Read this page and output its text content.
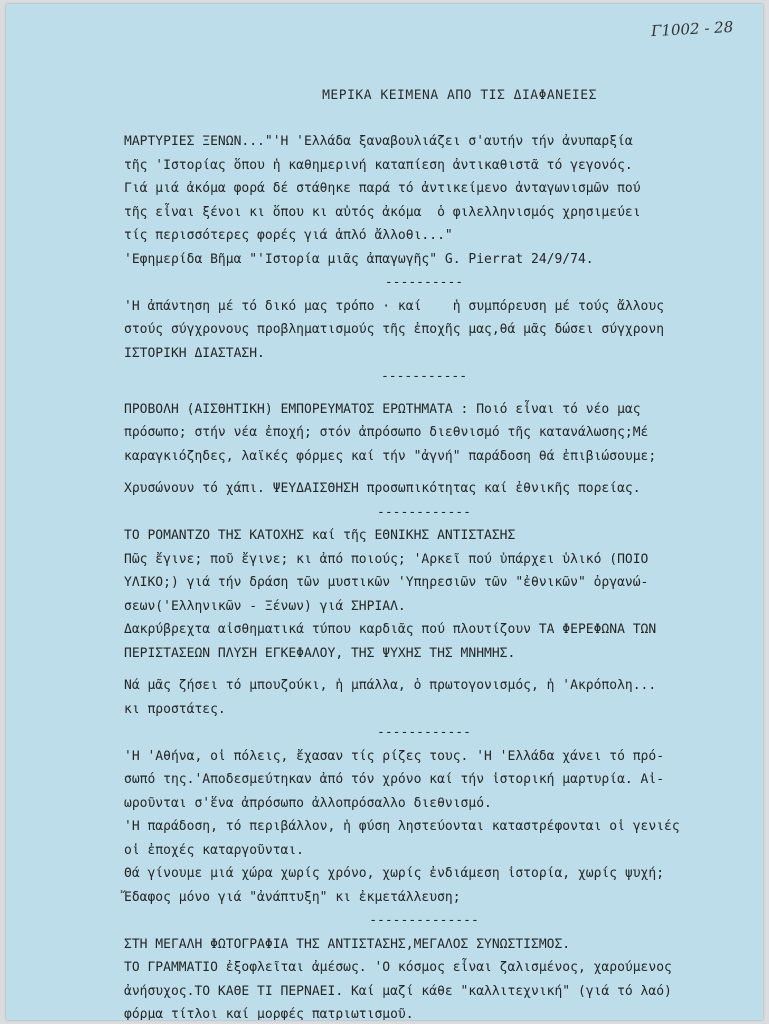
Γ1002 - 28
ΜΕΡΙΚΑ ΚΕΙΜΕΝΑ ΑΠΟ ΤΙΣ ΔΙΑΦΑΝΕΙΕΣ
ΜΑΡΤΥΡΙΕΣ ΞΕΝΩΝ..."'Η 'Ελλάδα ξαναβουλιάζει σ'αυτήν τήν ἀνυπαρξία
τῆς 'Ιστορίας ὅπου ἡ καθημερινή καταπίεση ἀντικαθιστᾶ τό γεγονός.
Γιά μιά ἀκόμα φορά δέ στάθηκε παρά τό ἀντικείμενο ἀνταγωνισμῶν πού
τῆς εἶναι ξένοι κι ὅπου κι αὐτός ἀκόμα  ὁ φιλελληνισμός χρησιμεύει
τίς περισσότερες φορές γιά ἁπλό ἄλλοθι..."
'Εφημερίδα Βῆμα "'Ιστορία μιᾶς ἀπαγωγῆς" G. Pierrat 24/9/74.
----------
'Η ἀπάντηση μέ τό δικό μας τρόπο · καί    ἡ συμπόρευση μέ τούς ἄλλους
στούς σύγχρονους προβληματισμούς τῆς ἐποχῆς μας,θά μᾶς δώσει σύγχρονη
ΙΣΤΟΡΙΚΗ ΔΙΑΣΤΑΣΗ.
-----------
ΠΡΟΒΟΛΗ (ΑΙΣΘΗΤΙΚΗ) ΕΜΠΟΡΕΥΜΑΤΟΣ ΕΡΩΤΗΜΑΤΑ : Ποιό εἶναι τό νέο μας
πρόσωπο; στήν νέα ἐποχή; στόν ἀπρόσωπο διεθνισμό τῆς κατανάλωσης;Μέ
καραγκιόζηδες, λαϊκές φόρμες καί τήν "ἀγνή" παράδοση θά ἐπιβιώσουμε;
Χρυσώνουν τό χάπι. ΨΕΥΔΑΙΣΘΗΣΗ προσωπικότητας καί ἐθνικῆς πορείας.
------------
ΤΟ ΡΟΜΑΝΤΖΟ ΤΗΣ ΚΑΤΟΧΗΣ καί τῆς ΕΘΝΙΚΗΣ ΑΝΤΙΣΤΑΣΗΣ
Πῶς ἔγινε; ποῦ ἔγινε; κι ἀπό ποιούς; 'Αρκεῖ πού ὑπάρχει ὑλικό (ΠΟΙΟ
ΥΛΙΚΟ;) γιά τήν δράση τῶν μυστικῶν 'Υπηρεσιῶν τῶν "ἐθνικῶν" ὀργανώ-
σεων('Ελληνικῶν - Ξένων) γιά ΣΗΡΙΑΛ.
Δακρύβρεχτα αἰσθηματικά τύπου καρδιᾶς πού πλουτίζουν ΤΑ ΦΕΡΕΦΩΝΑ ΤΩΝ
ΠΕΡΙΣΤΑΣΕΩΝ ΠΛΥΣΗ ΕΓΚΕΦΑΛΟΥ, ΤΗΣ ΨΥΧΗΣ ΤΗΣ ΜΝΗΜΗΣ.
Νά μᾶς ζήσει τό μπουζούκι, ἡ μπάλλα, ὁ πρωτογονισμός, ἡ 'Ακρόπολη...
κι προστάτες.
------------
'Η 'Αθήνα, οἱ πόλεις, ἔχασαν τίς ρίζες τους. 'Η 'Ελλάδα χάνει τό πρό-
σωπό της.'Αποδεσμεύτηκαν ἀπό τόν χρόνο καί τήν ἱστορική μαρτυρία. Αἰ-
ωροῦνται σ'ἕνα ἀπρόσωπο ἀλλοπρόσαλλο διεθνισμό.
'Η παράδοση, τό περιβάλλον, ἡ φύση ληστεύονται καταστρέφονται οἱ γενιές
οἱ ἐποχές καταργοῦνται.
Θά γίνουμε μιά χώρα χωρίς χρόνο, χωρίς ἐνδιάμεση ἱστορία, χωρίς ψυχή;
Ἔδαφος μόνο γιά "ἀνάπτυξη" κι ἐκμετάλλευση;
--------------
ΣΤΗ ΜΕΓΑΛΗ ΦΩΤΟΓΡΑΦΙΑ ΤΗΣ ΑΝΤΙΣΤΑΣΗΣ,ΜΕΓΑΛΟΣ ΣΥΝΩΣΤΙΣΜΟΣ.
ΤΟ ΓΡΑΜΜΑΤΙΟ ἐξοφλεῖται ἀμέσως. 'Ο κόσμος εἶναι ζαλισμένος, χαρούμενος
ἀνήσυχος.ΤΟ ΚΑΘΕ ΤΙ ΠΕΡΝΑΕΙ. Καί μαζί κάθε "καλλιτεχνική" (γιά τό λαό)
φόρμα τίτλοι καί μορφές πατριωτισμοῦ.
